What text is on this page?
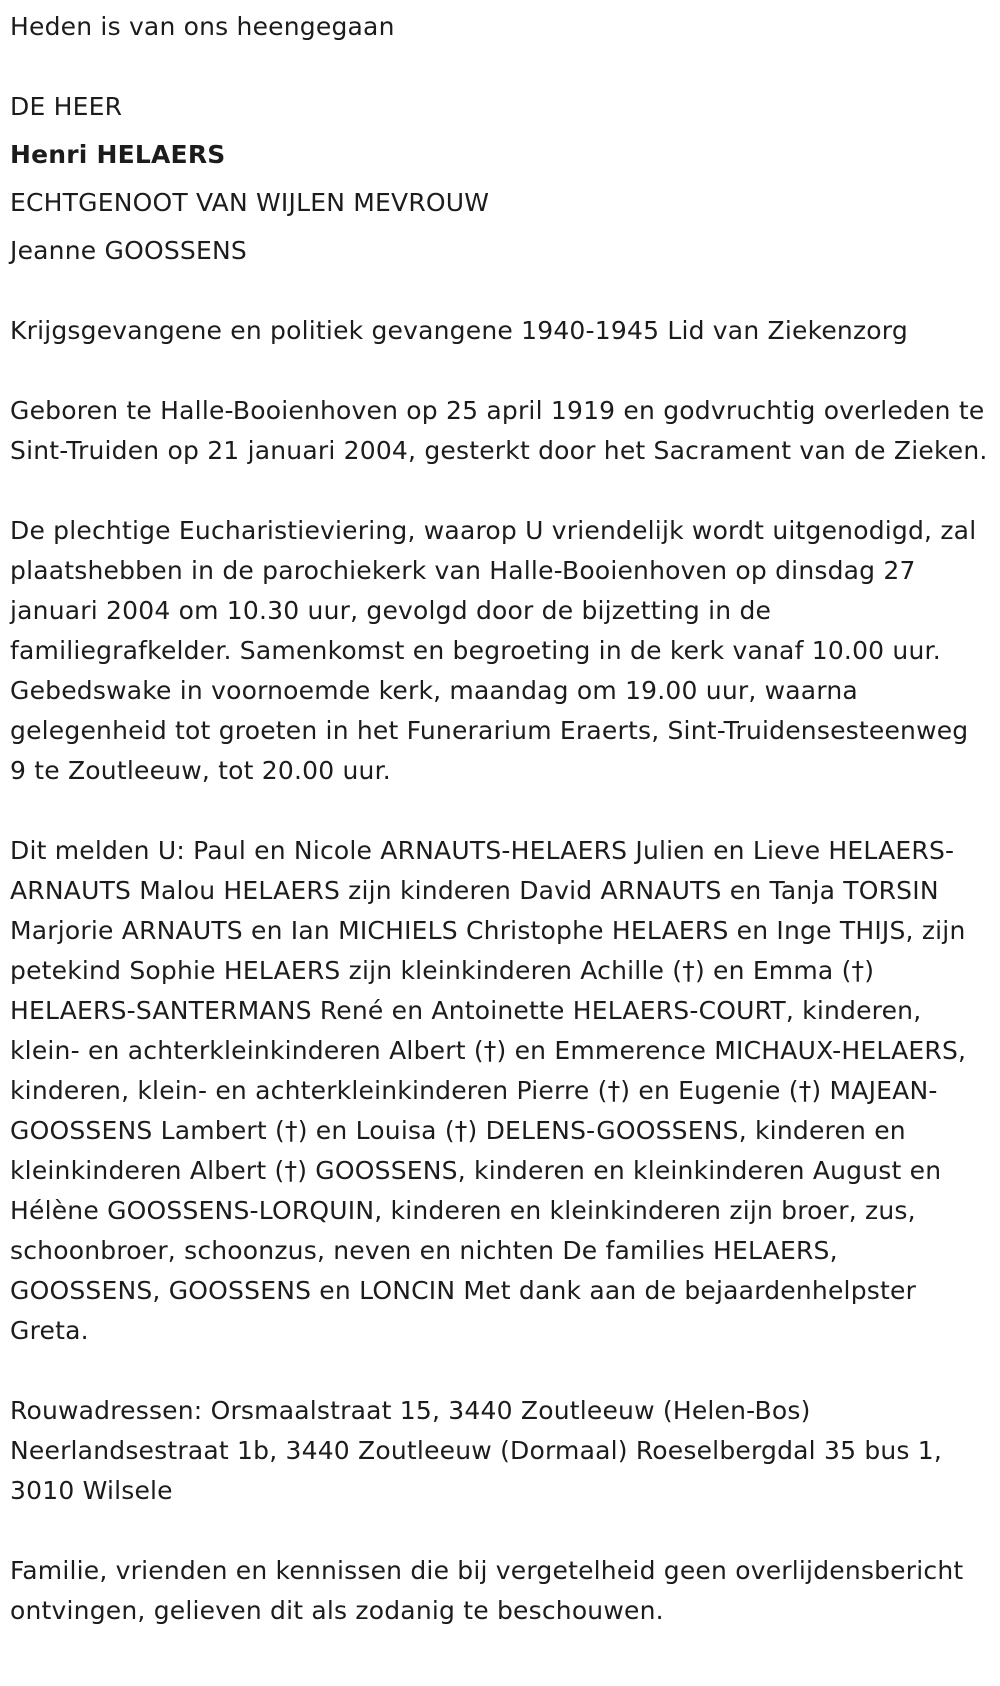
Heden is van ons heengegaan

DE HEER

Henri HELAERS

ECHTGENOOT VAN WIJLEN MEVROUW

Jeanne GOOSSENS

Krijgsgevangene en politiek gevangene 1940-1945 Lid van Ziekenzorg

Geboren te Halle-Booienhoven op 25 april 1919 en godvruchtig overleden te Sint-Truiden op 21 januari 2004, gesterkt door het Sacrament van de Zieken.

De plechtige Eucharistieviering, waarop U vriendelijk wordt uitgenodigd, zal plaatshebben in de parochiekerk van Halle-Booienhoven op dinsdag 27 januari 2004 om 10.30 uur, gevolgd door de bijzetting in de familiegrafkelder. Samenkomst en begroeting in de kerk vanaf 10.00 uur. Gebedswake in voornoemde kerk, maandag om 19.00 uur, waarna gelegenheid tot groeten in het Funerarium Eraerts, Sint-Truidensesteenweg 9 te Zoutleeuw, tot 20.00 uur.

Dit melden U: Paul en Nicole ARNAUTS-HELAERS Julien en Lieve HELAERS-ARNAUTS Malou HELAERS zijn kinderen David ARNAUTS en Tanja TORSIN Marjorie ARNAUTS en Ian MICHIELS Christophe HELAERS en Inge THIJS, zijn petekind Sophie HELAERS zijn kleinkinderen Achille (†) en Emma (†) HELAERS-SANTERMANS René en Antoinette HELAERS-COURT, kinderen, klein- en achterkleinkinderen Albert (†) en Emmerence MICHAUX-HELAERS, kinderen, klein- en achterkleinkinderen Pierre (†) en Eugenie (†) MAJEAN-GOOSSENS Lambert (†) en Louisa (†) DELENS-GOOSSENS, kinderen en kleinkinderen Albert (†) GOOSSENS, kinderen en kleinkinderen August en Hélène GOOSSENS-LORQUIN, kinderen en kleinkinderen zijn broer, zus, schoonbroer, schoonzus, neven en nichten De families HELAERS, GOOSSENS, GOOSSENS en LONCIN Met dank aan de bejaardenhelpster Greta.

Rouwadressen: Orsmaalstraat 15, 3440 Zoutleeuw (Helen-Bos) Neerlandsestraat 1b, 3440 Zoutleeuw (Dormaal) Roeselbergdal 35 bus 1, 3010 Wilsele

Familie, vrienden en kennissen die bij vergetelheid geen overlijdensbericht ontvingen, gelieven dit als zodanig te beschouwen.
